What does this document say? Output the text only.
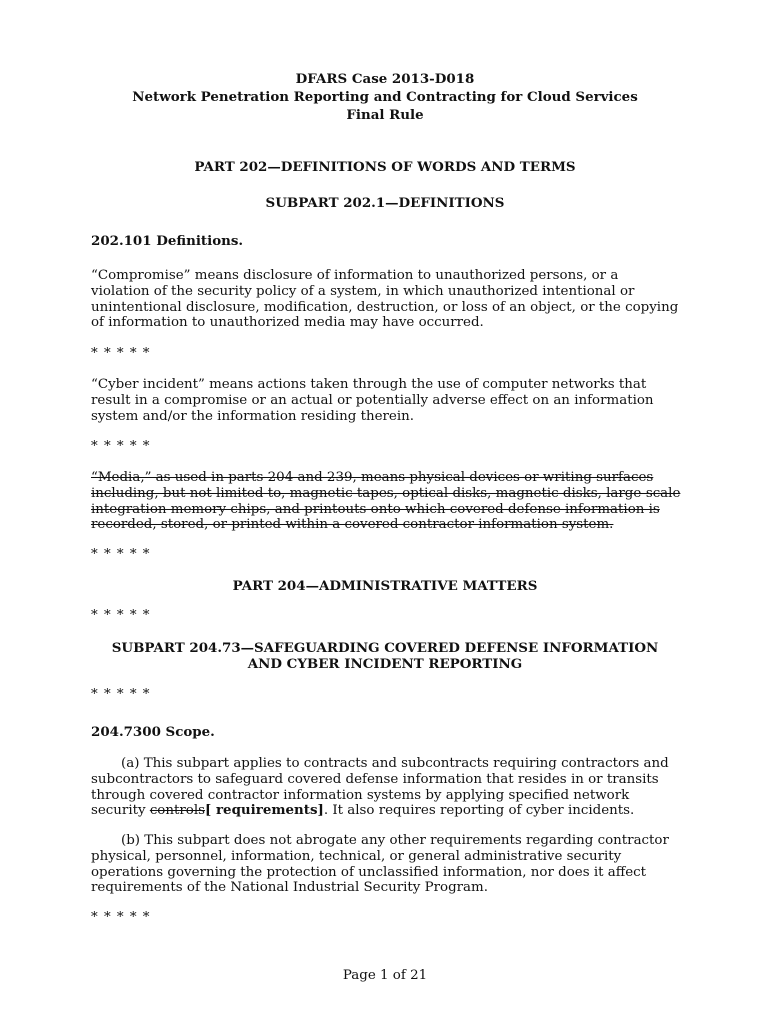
DFARS Case 2013-D018
Network Penetration Reporting and Contracting for Cloud Services
Final Rule
PART 202—DEFINITIONS OF WORDS AND TERMS
SUBPART 202.1—DEFINITIONS
202.101 Definitions.

“Compromise” means disclosure of information to unauthorized persons, or a violation of the security policy of a system, in which unauthorized intentional or unintentional disclosure, modification, destruction, or loss of an object, or the copying of information to unauthorized media may have occurred.

* * * * *

“Cyber incident” means actions taken through the use of computer networks that result in a compromise or an actual or potentially adverse effect on an information system and/or the information residing therein.

* * * * *

“Media,” as used in parts 204 and 239, means physical devices or writing surfaces including, but not limited to, magnetic tapes, optical disks, magnetic disks, large-scale integration memory chips, and printouts onto which covered defense information is recorded, stored, or printed within a covered contractor information system.

* * * * *
PART 204—ADMINISTRATIVE MATTERS
* * * * *
SUBPART 204.73—SAFEGUARDING COVERED DEFENSE INFORMATION
AND CYBER INCIDENT REPORTING
* * * * *
204.7300 Scope.

(a) This subpart applies to contracts and subcontracts requiring contractors and subcontractors to safeguard covered defense information that resides in or transits through covered contractor information systems by applying specified network security controls[ requirements]. It also requires reporting of cyber incidents.

(b) This subpart does not abrogate any other requirements regarding contractor physical, personnel, information, technical, or general administrative security operations governing the protection of unclassified information, nor does it affect requirements of the National Industrial Security Program.

* * * * *
Page 1 of 21
